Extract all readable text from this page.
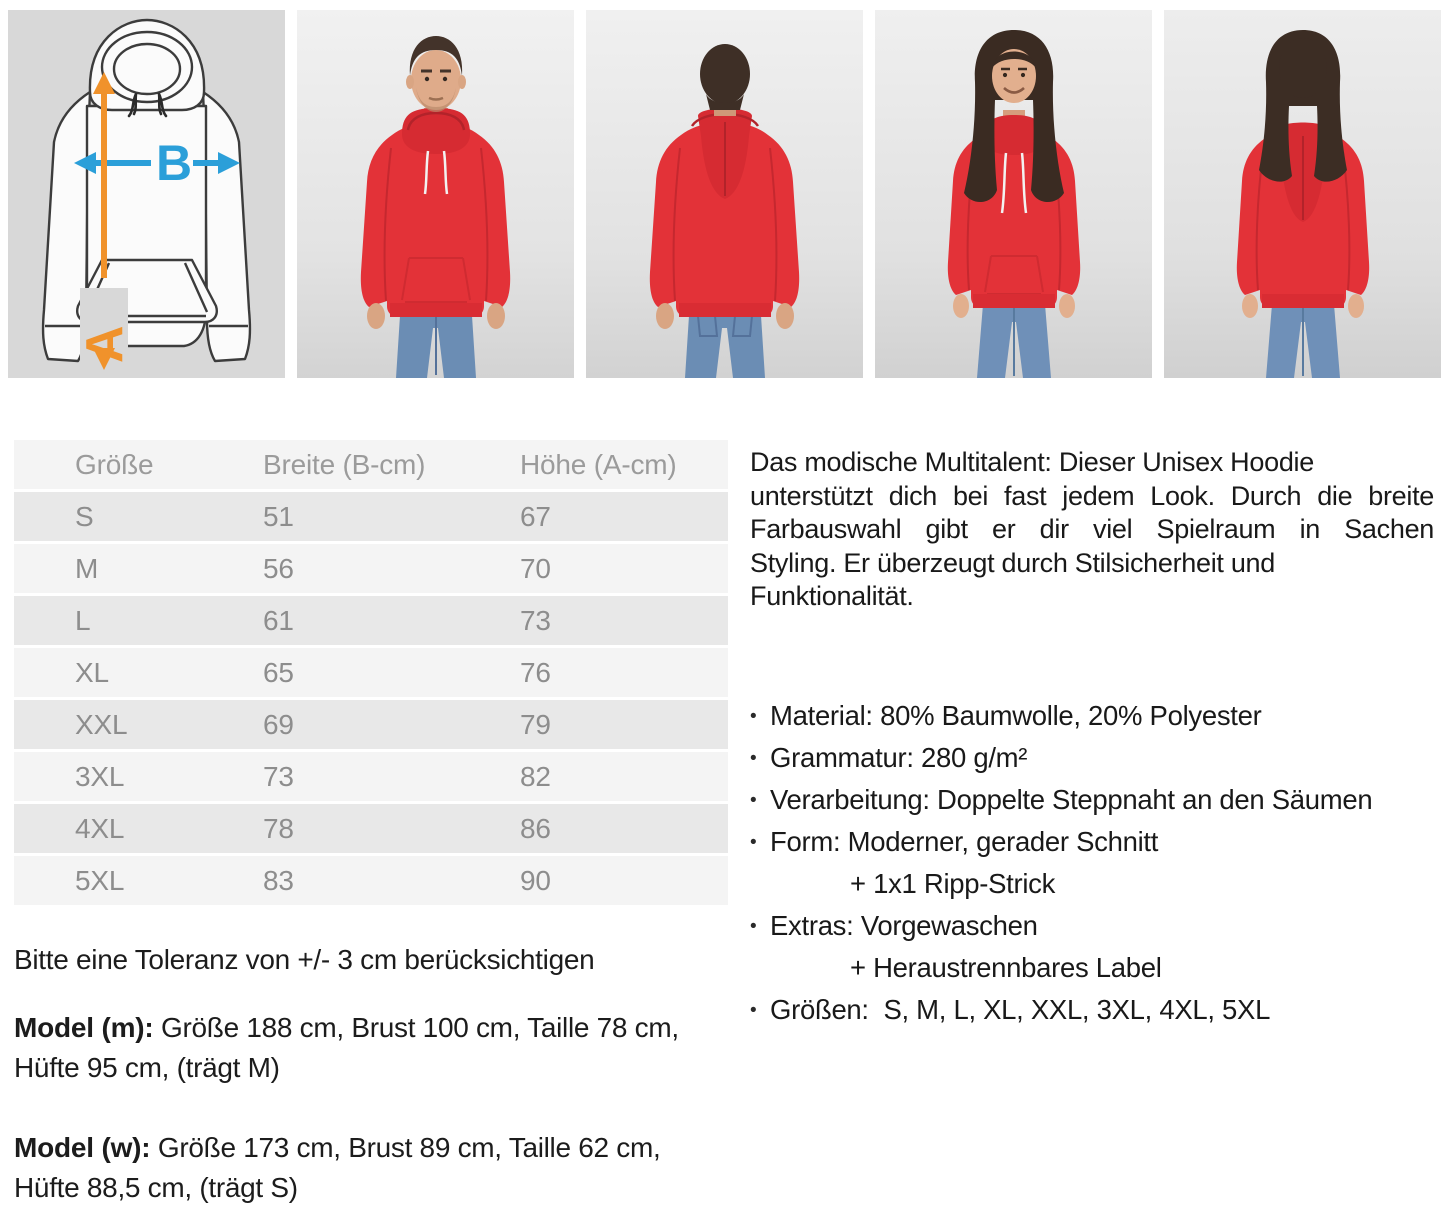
B
A
Größe	Breite (B-cm)	Höhe (A-cm)
S	51	67
M	56	70
L	61	73
XL	65	76
XXL	69	79
3XL	73	82
4XL	78	86
5XL	83	90
Bitte eine Toleranz von +/- 3 cm berücksichtigen
Model (m): Größe 188 cm, Brust 100 cm, Taille 78 cm, Hüfte 95 cm, (trägt M)
Model (w): Größe 173 cm, Brust 89 cm, Taille 62 cm, Hüfte 88,5 cm, (trägt S)
Das modische Multitalent: Dieser Unisex Hoodie
unterstützt dich bei fast jedem Look. Durch die breite
Farbauswahl gibt er dir viel Spielraum in Sachen
Styling. Er überzeugt durch Stilsicherheit und
Funktionalität.
• Material: 80% Baumwolle, 20% Polyester
• Grammatur: 280 g/m²
• Verarbeitung: Doppelte Steppnaht an den Säumen
• Form: Moderner, gerader Schnitt
+ 1x1 Ripp-Strick
• Extras: Vorgewaschen
+ Heraustrennbares Label
• Größen:  S, M, L, XL, XXL, 3XL, 4XL, 5XL
